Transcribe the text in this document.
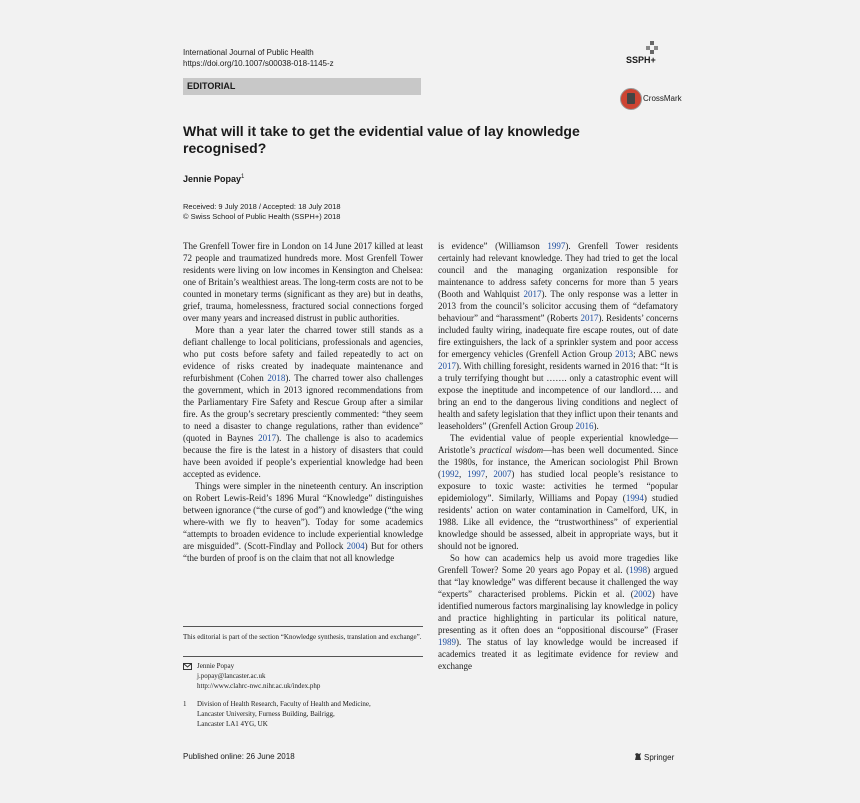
International Journal of Public Health
https://doi.org/10.1007/s00038-018-1145-z	SSPH+
EDITORIAL
CrossMark
What will it take to get the evidential value of lay knowledge recognised?
Jennie Popay$^1$
Received: 9 July 2018 / Accepted: 18 July 2018
© Swiss School of Public Health (SSPH+) 2018

The Grenfell Tower fire in London on 14 June 2017 killed at least 72 people and traumatized hundreds more. Most Grenfell Tower residents were living on low incomes in Kensington and Chelsea: one of Britain’s wealthiest areas. The long-term costs are not to be counted in monetary terms (significant as they are) but in deaths, grief, trauma, homelessness, fractured social connections forged over many years and increased distrust in public authorities.

More than a year later the charred tower still stands as a defiant challenge to local politicians, professionals and agencies, who put costs before safety and failed repeatedly to act on evidence of risks created by inadequate maintenance and refurbishment (Cohen 2018). The charred tower also challenges the government, which in 2013 ignored recommendations from the Parliamentary Fire Safety and Rescue Group after a similar fire. As the group’s secretary presciently commented: “they seem to need a disaster to change regulations, rather than evidence” (quoted in Baynes 2017). The challenge is also to academics because the fire is the latest in a history of disasters that could have been avoided if people’s experiential knowledge had been accepted as evidence.

Things were simpler in the nineteenth century. An inscription on Robert Lewis-Reid’s 1896 Mural “Knowledge” distinguishes between ignorance (“the curse of god”) and knowledge (“the wing where-with we fly to heaven”). Today for some academics “attempts to broaden evidence to include experiential knowledge are misguided”. (Scott-Findlay and Pollock 2004) But for others “the burden of proof is on the claim that not all knowledge

is evidence” (Williamson 1997). Grenfell Tower residents certainly had relevant knowledge. They had tried to get the local council and the managing organization responsible for maintenance to address safety concerns for more than 5 years (Booth and Wahlquist 2017). The only response was a letter in 2013 from the council’s solicitor accusing them of “defamatory behaviour” and “harassment” (Roberts 2017). Residents’ concerns included faulty wiring, inadequate fire escape routes, out of date fire extinguishers, the lack of a sprinkler system and poor access for emergency vehicles (Grenfell Action Group 2013; ABC news 2017). With chilling foresight, residents warned in 2016 that: “It is a truly terrifying thought but ……. only a catastrophic event will expose the ineptitude and incompetence of our landlord…. and bring an end to the dangerous living conditions and neglect of health and safety legislation that they inflict upon their tenants and leaseholders” (Grenfell Action Group 2016).

The evidential value of people experiential knowledge—Aristotle’s practical wisdom—has been well documented. Since the 1980s, for instance, the American sociologist Phil Brown (1992, 1997, 2007) has studied local people’s resistance to exposure to toxic waste: activities he termed “popular epidemiology”. Similarly, Williams and Popay (1994) studied residents’ action on water contamination in Camelford, UK, in 1988. Like all evidence, the “trustworthiness” of experiential knowledge should be assessed, albeit in appropriate ways, but it should not be ignored.

So how can academics help us avoid more tragedies like Grenfell Tower? Some 20 years ago Popay et al. (1998) argued that “lay knowledge” was different because it challenged the way “experts” characterised problems. Pickin et al. (2002) have identified numerous factors marginalising lay knowledge in policy and practice highlighting in particular its political nature, presenting as it often does an “oppositional discourse” (Fraser 1989). The status of lay knowledge would be increased if academics treated it as legitimate evidence for review and exchange

This editorial is part of the section “Knowledge synthesis, translation and exchange”.
Jennie Popay
j.popay@lancaster.ac.uk
http://www.clahrc-nwc.nihr.ac.uk/index.php
1 Division of Health Research, Faculty of Health and Medicine,
Lancaster University, Furness Building, Bailrigg,
Lancaster LA1 4YG, UK
Published online: 26 June 2018	Springer
